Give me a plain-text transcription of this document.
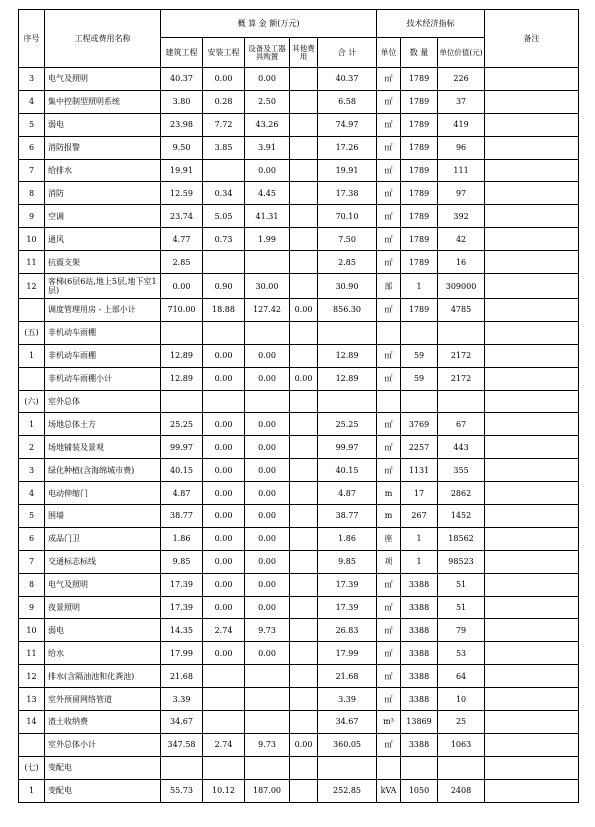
序号	工程或费用名称	概 算 金 额(万元)					技术经济指标			备注
		建筑工程	安装工程	设备及工器具购置	其他费用	合 计	单位	数 量	单位价值(元)	
3	电气及照明	40.37	0.00	0.00		40.37	㎡	1789	226	
4	集中控制型照明系统	3.80	0.28	2.50		6.58	㎡	1789	37	
5	弱电	23.98	7.72	43.26		74.97	㎡	1789	419	
6	消防报警	9.50	3.85	3.91		17.26	㎡	1789	96	
7	给排水	19.91		0.00		19.91	㎡	1789	111	
8	消防	12.59	0.34	4.45		17.38	㎡	1789	97	
9	空调	23.74	5.05	41.31		70.10	㎡	1789	392	
10	通风	4.77	0.73	1.99		7.50	㎡	1789	42	
11	抗震支架	2.85				2.85	㎡	1789	16	
12	客梯(6层6站,地上5层,地下室1层)	0.00	0.90	30.00		30.90	部	1	309000	
	调度管理用房 - 上部小计	710.00	18.88	127.42	0.00	856.30	㎡	1789	4785	
(五)	非机动车雨棚									
1	非机动车雨棚	12.89	0.00	0.00		12.89	㎡	59	2172	
	非机动车雨棚小计	12.89	0.00	0.00	0.00	12.89	㎡	59	2172	
(六)	室外总体									
1	场地总体土方	25.25	0.00	0.00		25.25	㎡	3769	67	
2	场地铺装及景观	99.97	0.00	0.00		99.97	㎡	2257	443	
3	绿化种植(含海绵城市费)	40.15	0.00	0.00		40.15	㎡	1131	355	
4	电动伸缩门	4.87	0.00	0.00		4.87	m	17	2862	
5	围墙	38.77	0.00	0.00		38.77	m	267	1452	
6	成品门卫	1.86	0.00	0.00		1.86	座	1	18562	
7	交通标志标线	9.85	0.00	0.00		9.85	项	1	98523	
8	电气及照明	17.39	0.00	0.00		17.39	㎡	3388	51	
9	夜景照明	17.39	0.00	0.00		17.39	㎡	3388	51	
10	弱电	14.35	2.74	9.73		26.83	㎡	3388	79	
11	给水	17.99	0.00	0.00		17.99	㎡	3388	53	
12	排水(含隔油池和化粪池)	21.68				21.68	㎡	3388	64	
13	室外预留网络管道	3.39				3.39	㎡	3388	10	
14	渣土收纳费	34.67				34.67	m³	13869	25	
	室外总体小计	347.58	2.74	9.73	0.00	360.05	㎡	3388	1063	
(七)	变配电									
1	变配电	55.73	10.12	187.00		252.85	kVA	1050	2408	
